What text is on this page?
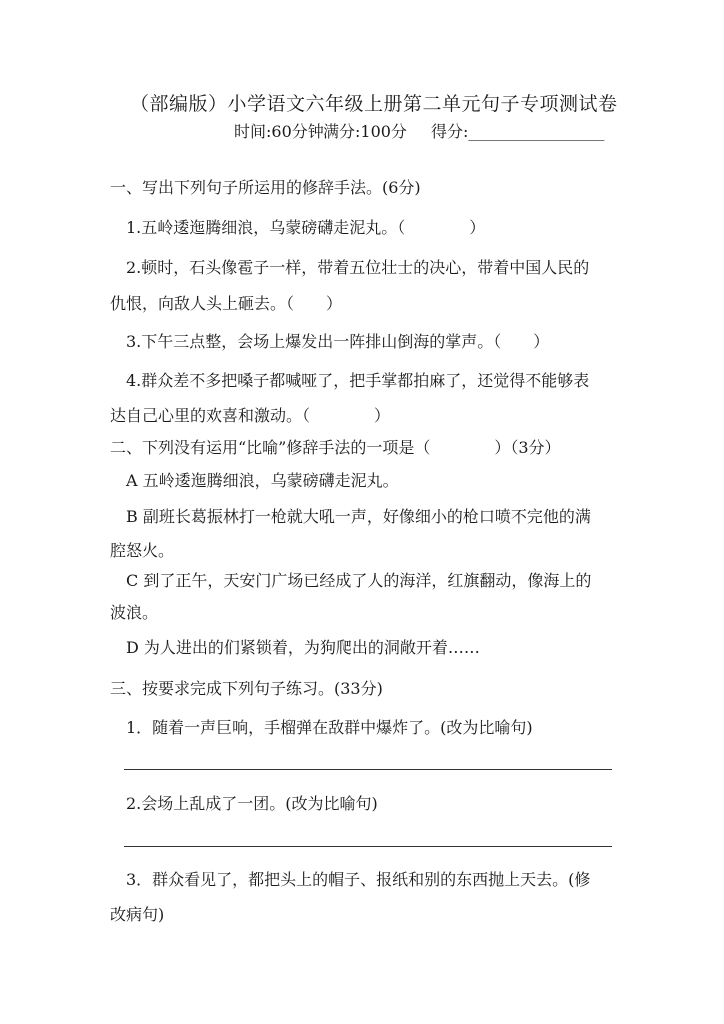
（部编版）小学语文六年级上册第二单元句子专项测试卷
时间:60分钟 满分:100分 得分:_________________
一、写出下列句子所运用的修辞手法。(6分)
1.五岭逶迤腾细浪，乌蒙磅礴走泥丸。（　　　　）
2.顿时，石头像雹子一样，带着五位壮士的决心，带着中国人民的
仇恨，向敌人头上砸去。（　　）
3.下午三点整，会场上爆发出一阵排山倒海的掌声。（　　）
4.群众差不多把嗓子都喊哑了，把手掌都拍麻了，还觉得不能够表
达自己心里的欢喜和激动。（　　　　）
二、下列没有运用“比喻”修辞手法的一项是（　　　　）（3分）
A 五岭逶迤腾细浪，乌蒙磅礴走泥丸。
B 副班长葛振林打一枪就大吼一声，好像细小的枪口喷不完他的满
腔怒火。
C 到了正午，天安门广场已经成了人的海洋，红旗翻动，像海上的
波浪。
D 为人进出的们紧锁着，为狗爬出的洞敞开着……
三、按要求完成下列句子练习。(33分)
1．随着一声巨响，手榴弹在敌群中爆炸了。(改为比喻句)
2.会场上乱成了一团。(改为比喻句)
3．群众看见了，都把头上的帽子、报纸和别的东西抛上天去。(修
改病句)
